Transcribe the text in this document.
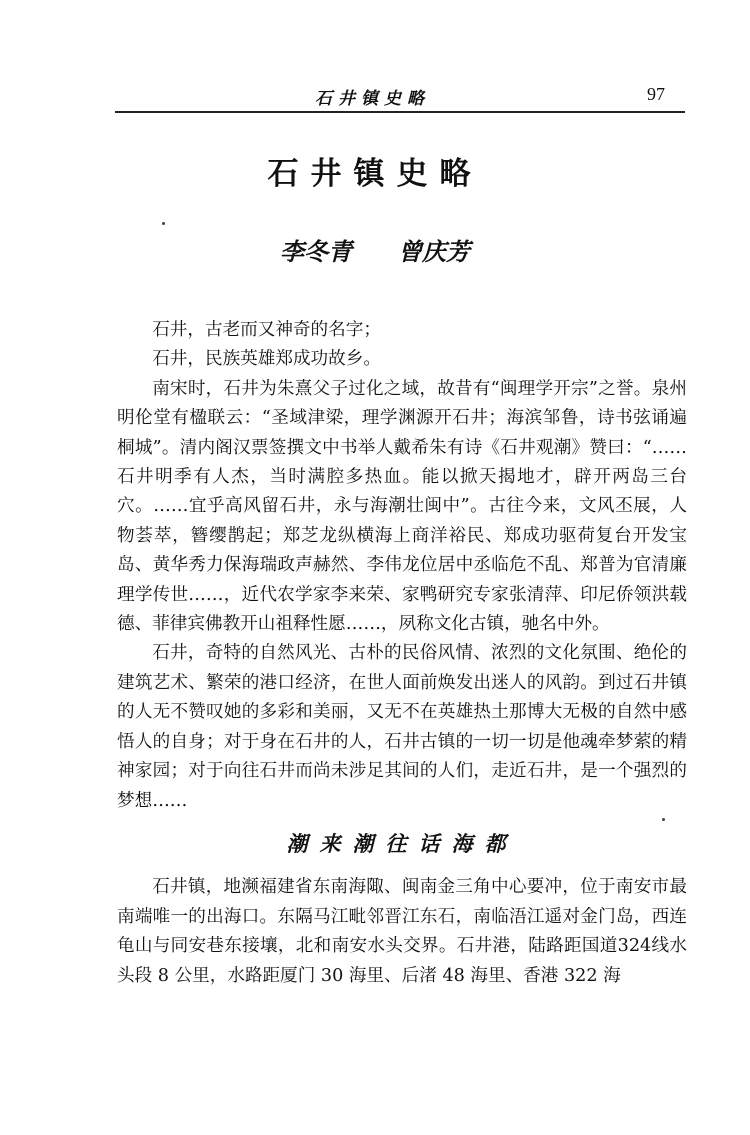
石井镇史略	97
石井镇史略
李冬青 曾庆芳

石井，古老而又神奇的名字；

石井，民族英雄郑成功故乡。

南宋时，石井为朱熹父子过化之域，故昔有“闽理学开宗”之誉。泉州明伦堂有楹联云：“圣域津梁，理学渊源开石井；海滨邹鲁，诗书弦诵遍桐城”。清内阁汉票签撰文中书举人戴希朱有诗《石井观潮》赞曰：“……石井明季有人杰，当时满腔多热血。能以掀天揭地才，辟开两岛三台穴。……宜乎高风留石井，永与海潮壮闽中”。古往今来，文风丕展，人物荟萃，簪缨鹊起；郑芝龙纵横海上商洋裕民、郑成功驱荷复台开发宝岛、黄华秀力保海瑞政声赫然、李伟龙位居中丞临危不乱、郑普为官清廉理学传世……，近代农学家李来荣、家鸭研究专家张清萍、印尼侨领洪载德、菲律宾佛教开山祖释性愿……，夙称文化古镇，驰名中外。

石井，奇特的自然风光、古朴的民俗风情、浓烈的文化氛围、绝伦的建筑艺术、繁荣的港口经济，在世人面前焕发出迷人的风韵。到过石井镇的人无不赞叹她的多彩和美丽，又无不在英雄热土那博大无极的自然中感悟人的自身；对于身在石井的人，石井古镇的一切一切是他魂牵梦萦的精神家园；对于向往石井而尚未涉足其间的人们，走近石井，是一个强烈的梦想……

潮来潮往话海都

石井镇，地濒福建省东南海陬、闽南金三角中心要冲，位于南安市最南端唯一的出海口。东隔马江毗邻晋江东石，南临浯江遥对金门岛，西连龟山与同安巷东接壤，北和南安水头交界。石井港，陆路距国道324线水头段 8 公里，水路距厦门 30 海里、后渚 48 海里、香港 322 海
